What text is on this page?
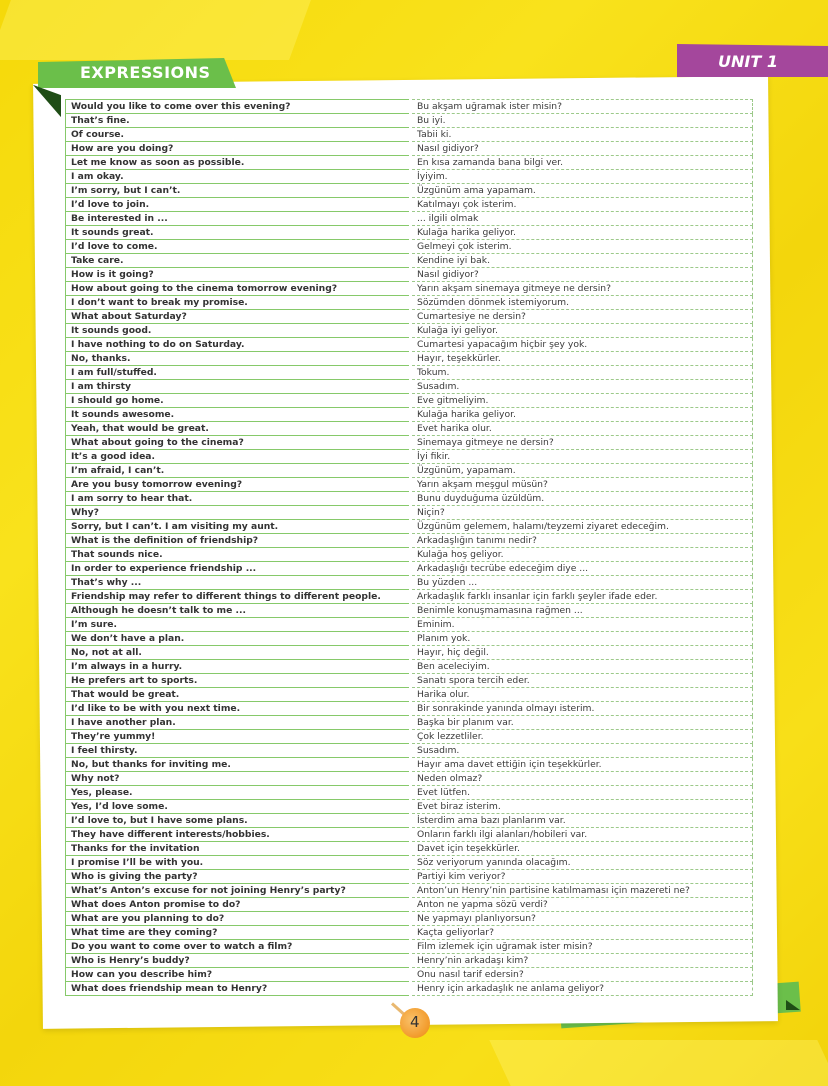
EXPRESSIONS
UNIT 1
Would you like to come over this evening?	Bu akşam uğramak ister misin?
That’s fine.	Bu iyi.
Of course.	Tabii ki.
How are you doing?	Nasıl gidiyor?
Let me know as soon as possible.	En kısa zamanda bana bilgi ver.
I am okay.	İyiyim.
I’m sorry, but I can’t.	Üzgünüm ama yapamam.
I’d love to join.	Katılmayı çok isterim.
Be interested in ...	... ilgili olmak
It sounds great.	Kulağa harika geliyor.
I’d love to come.	Gelmeyi çok isterim.
Take care.	Kendine iyi bak.
How is it going?	Nasıl gidiyor?
How about going to the cinema tomorrow evening?	Yarın akşam sinemaya gitmeye ne dersin?
I don’t want to break my promise.	Sözümden dönmek istemiyorum.
What about Saturday?	Cumartesiye ne dersin?
It sounds good.	Kulağa iyi geliyor.
I have nothing to do on Saturday.	Cumartesi yapacağım hiçbir şey yok.
No, thanks.	Hayır, teşekkürler.
I am full/stuffed.	Tokum.
I am thirsty	Susadım.
I should go home.	Eve gitmeliyim.
It sounds awesome.	Kulağa harika geliyor.
Yeah, that would be great.	Evet harika olur.
What about going to the cinema?	Sinemaya gitmeye ne dersin?
It’s a good idea.	İyi fikir.
I’m afraid, I can’t.	Üzgünüm, yapamam.
Are you busy tomorrow evening?	Yarın akşam meşgul müsün?
I am sorry to hear that.	Bunu duyduğuma üzüldüm.
Why?	Niçin?
Sorry, but I can’t. I am visiting my aunt.	Üzgünüm gelemem, halamı/teyzemi ziyaret edeceğim.
What is the definition of friendship?	Arkadaşlığın tanımı nedir?
That sounds nice.	Kulağa hoş geliyor.
In order to experience friendship ...	Arkadaşlığı tecrübe edeceğim diye ...
That’s why ...	Bu yüzden ...
Friendship may refer to different things to different people.	Arkadaşlık farklı insanlar için farklı şeyler ifade eder.
Although he doesn’t talk to me ...	Benimle konuşmamasına rağmen ...
I’m sure.	Eminim.
We don’t have a plan.	Planım yok.
No, not at all.	Hayır, hiç değil.
I’m always in a hurry.	Ben aceleciyim.
He prefers art to sports.	Sanatı spora tercih eder.
That would be great.	Harika olur.
I’d like to be with you next time.	Bir sonrakinde yanında olmayı isterim.
I have another plan.	Başka bir planım var.
They’re yummy!	Çok lezzetliler.
I feel thirsty.	Susadım.
No, but thanks for inviting me.	Hayır ama davet ettiğin için teşekkürler.
Why not?	Neden olmaz?
Yes, please.	Evet lütfen.
Yes, I’d love some.	Evet biraz isterim.
I’d love to, but I have some plans.	İsterdim ama bazı planlarım var.
They have different interests/hobbies.	Onların farklı ilgi alanları/hobileri var.
Thanks for the invitation	Davet için teşekkürler.
I promise I’ll be with you.	Söz veriyorum yanında olacağım.
Who is giving the party?	Partiyi kim veriyor?
What’s Anton’s excuse for not joining Henry’s party?	Anton’un Henry’nin partisine katılmaması için mazereti ne?
What does Anton promise to do?	Anton ne yapma sözü verdi?
What are you planning to do?	Ne yapmayı planlıyorsun?
What time are they coming?	Kaçta geliyorlar?
Do you want to come over to watch a film?	Film izlemek için uğramak ister misin?
Who is Henry’s buddy?	Henry’nin arkadaşı kim?
How can you describe him?	Onu nasıl tarif edersin?
What does friendship mean to Henry?	Henry için arkadaşlık ne anlama geliyor?
4
